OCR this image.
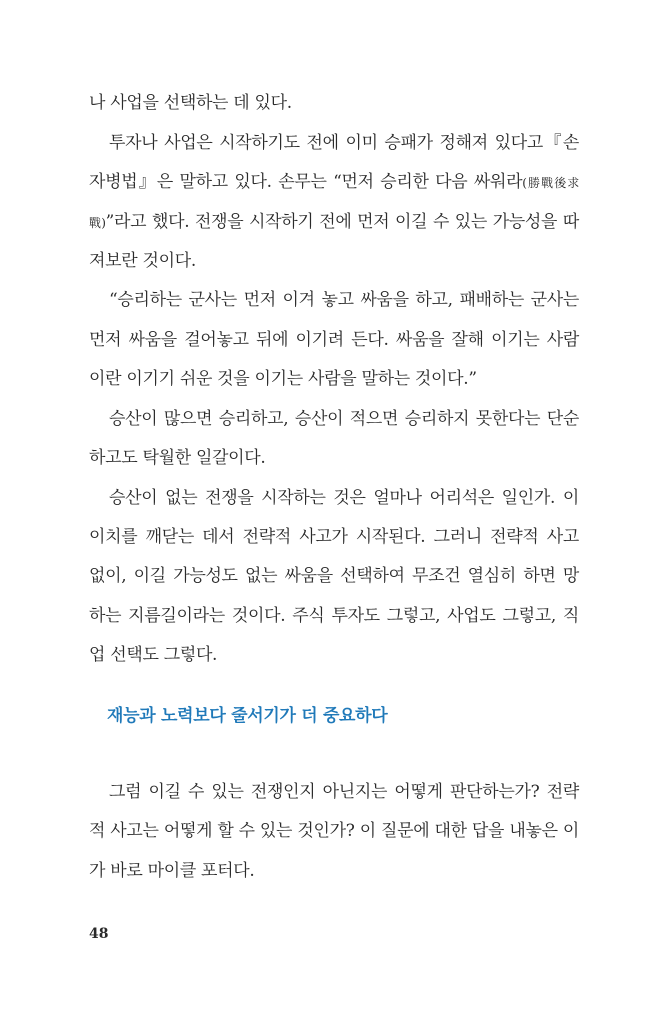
나 사업을 선택하는 데 있다.

투자나 사업은 시작하기도 전에 이미 승패가 정해져 있다고『손

자병법』은 말하고 있다. 손무는 “먼저 승리한 다음 싸워라(勝戰後求

戰)”라고 했다. 전쟁을 시작하기 전에 먼저 이길 수 있는 가능성을 따

져보란 것이다.

“승리하는 군사는 먼저 이겨 놓고 싸움을 하고, 패배하는 군사는

먼저 싸움을 걸어놓고 뒤에 이기려 든다. 싸움을 잘해 이기는 사람

이란 이기기 쉬운 것을 이기는 사람을 말하는 것이다.”

승산이 많으면 승리하고, 승산이 적으면 승리하지 못한다는 단순

하고도 탁월한 일갈이다.

승산이 없는 전쟁을 시작하는 것은 얼마나 어리석은 일인가. 이

이치를 깨닫는 데서 전략적 사고가 시작된다. 그러니 전략적 사고

없이, 이길 가능성도 없는 싸움을 선택하여 무조건 열심히 하면 망

하는 지름길이라는 것이다. 주식 투자도 그렇고, 사업도 그렇고, 직

업 선택도 그렇다.

재능과 노력보다 줄서기가 더 중요하다

그럼 이길 수 있는 전쟁인지 아닌지는 어떻게 판단하는가? 전략

적 사고는 어떻게 할 수 있는 것인가? 이 질문에 대한 답을 내놓은 이

가 바로 마이클 포터다.

48
